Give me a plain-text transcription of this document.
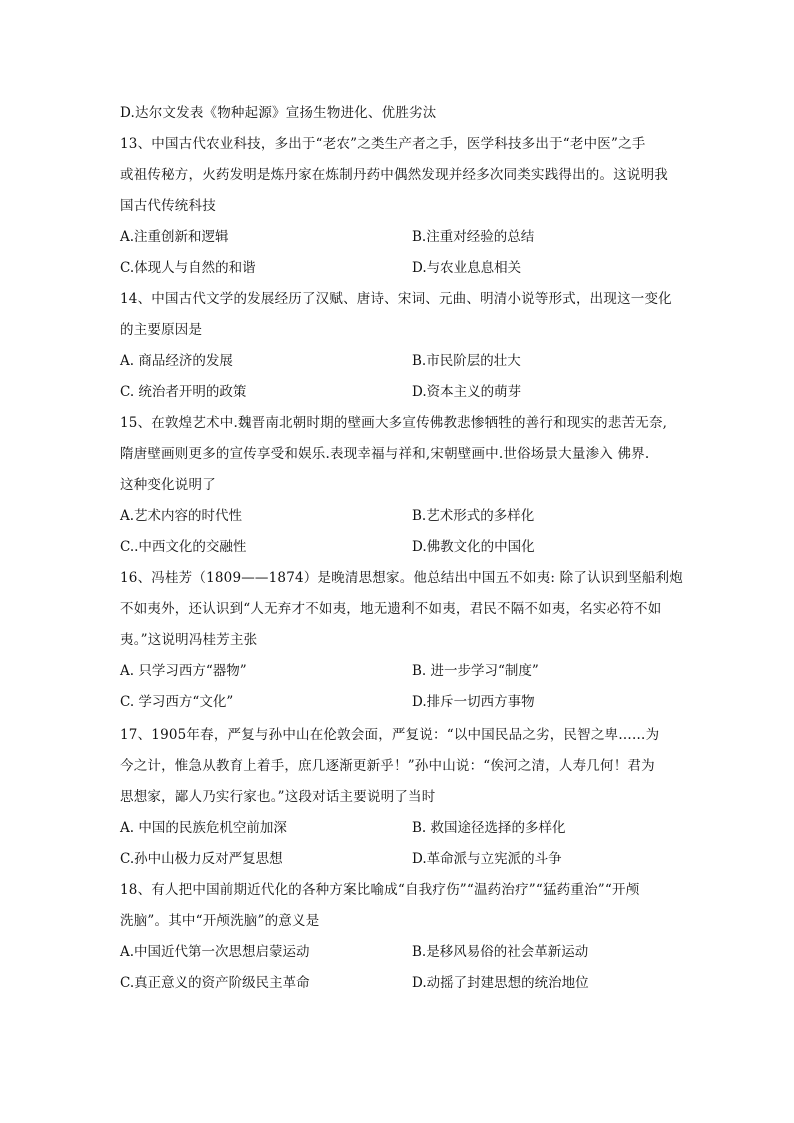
D.达尔文发表《物种起源》宣扬生物进化、优胜劣汰
13、中国古代农业科技，多出于“老农”之类生产者之手，医学科技多出于“老中医”之手
或祖传秘方，火药发明是炼丹家在炼制丹药中偶然发现并经多次同类实践得出的。这说明我
国古代传统科技
A.注重创新和逻辑	B.注重对经验的总结
C.体现人与自然的和谐	D.与农业息息相关
14、中国古代文学的发展经历了汉赋、唐诗、宋词、元曲、明清小说等形式，出现这一变化
的主要原因是
A. 商品经济的发展	B.市民阶层的壮大
C. 统治者开明的政策	D.资本主义的萌芽
15、在敦煌艺术中.魏晋南北朝时期的壁画大多宣传佛教悲惨牺牲的善行和现实的悲苦无奈,
隋唐壁画则更多的宣传享受和娱乐.表现幸福与祥和,宋朝壁画中.世俗场景大量渗入 佛界.
这种变化说明了
A.艺术内容的时代性	B.艺术形式的多样化
C..中西文化的交融性	D.佛教文化的中国化
16、冯桂芳（1809——1874）是晚清思想家。他总结出中国五不如夷: 除了认识到坚船利炮
不如夷外，还认识到“人无弃才不如夷，地无遗利不如夷，君民不隔不如夷，名实必符不如
夷。”这说明冯桂芳主张
A. 只学习西方“器物”	B. 进一步学习“制度”
C. 学习西方“文化”	D.排斥一切西方事物
17、1905年春，严复与孙中山在伦敦会面，严复说：“以中国民品之劣，民智之卑……为
今之计，惟急从教育上着手，庶几逐渐更新乎！”孙中山说：“俟河之清，人寿几何！君为
思想家，鄙人乃实行家也。”这段对话主要说明了当时
A. 中国的民族危机空前加深	B. 救国途径选择的多样化
C.孙中山极力反对严复思想	D.革命派与立宪派的斗争
18、有人把中国前期近代化的各种方案比喻成“自我疗伤”“温药治疗”“猛药重治”“开颅
洗脑”。其中“开颅洗脑”的意义是
A.中国近代第一次思想启蒙运动	B.是移风易俗的社会革新运动
C.真正意义的资产阶级民主革命	D.动摇了封建思想的统治地位
